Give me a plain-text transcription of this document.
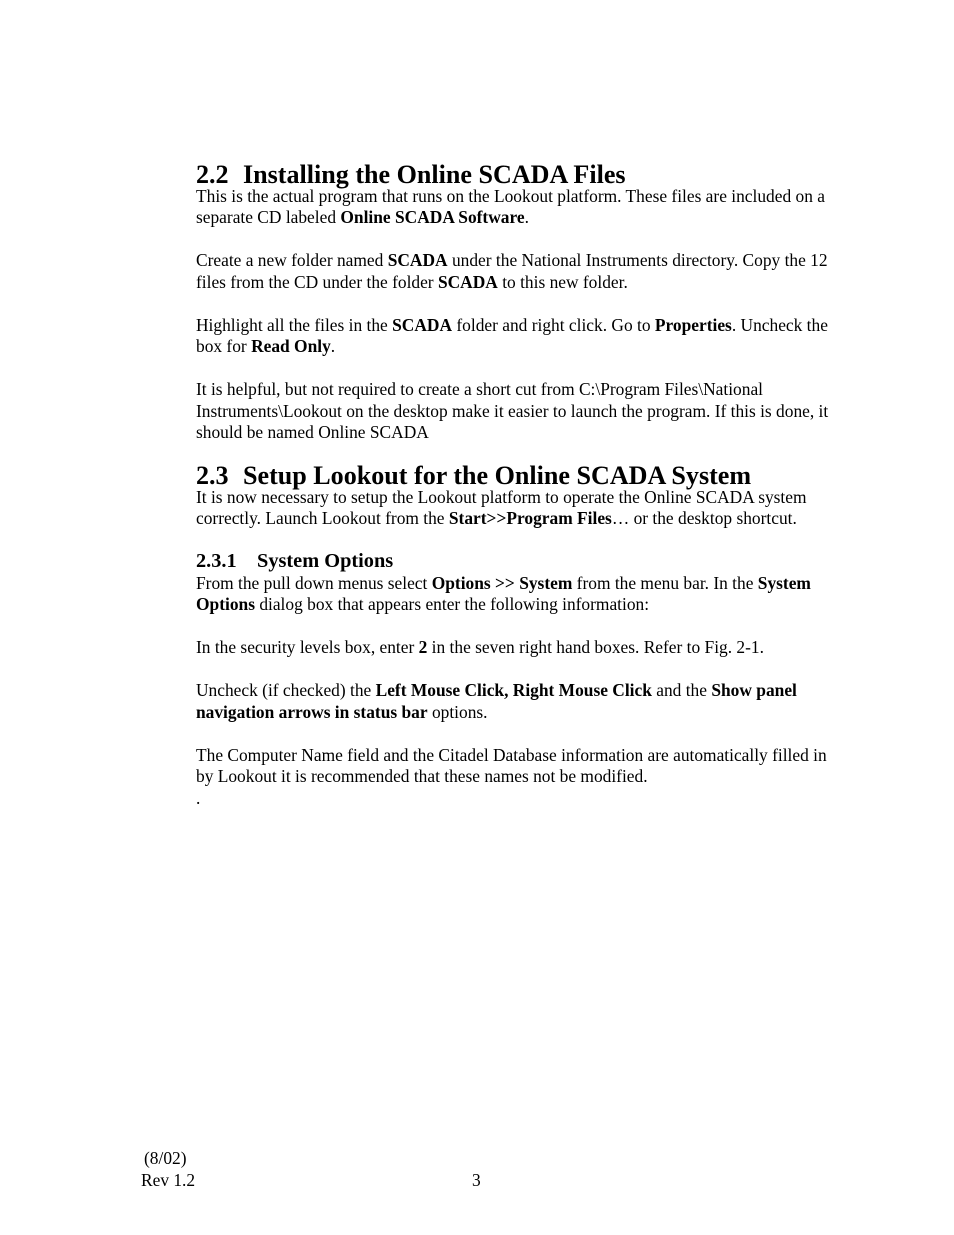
2.2 Installing the Online SCADA Files

This is the actual program that runs on the Lookout platform. These files are included on a separate CD labeled Online SCADA Software.

Create a new folder named SCADA under the National Instruments directory. Copy the 12 files from the CD under the folder SCADA to this new folder.

Highlight all the files in the SCADA folder and right click. Go to Properties. Uncheck the box for Read Only.

It is helpful, but not required to create a short cut from C:\Program Files\National Instruments\Lookout on the desktop make it easier to launch the program. If this is done, it should be named Online SCADA

2.3 Setup Lookout for the Online SCADA System

It is now necessary to setup the Lookout platform to operate the Online SCADA system correctly. Launch Lookout from the Start>>Program Files… or the desktop shortcut.

2.3.1 System Options

From the pull down menus select Options >> System from the menu bar. In the System Options dialog box that appears enter the following information:

In the security levels box, enter 2 in the seven right hand boxes. Refer to Fig. 2-1.

Uncheck (if checked) the Left Mouse Click, Right Mouse Click and the Show panel navigation arrows in status bar options.

The Computer Name field and the Citadel Database information are automatically filled in by Lookout it is recommended that these names not be modified.

.

(8/02)
Rev 1.2	3
